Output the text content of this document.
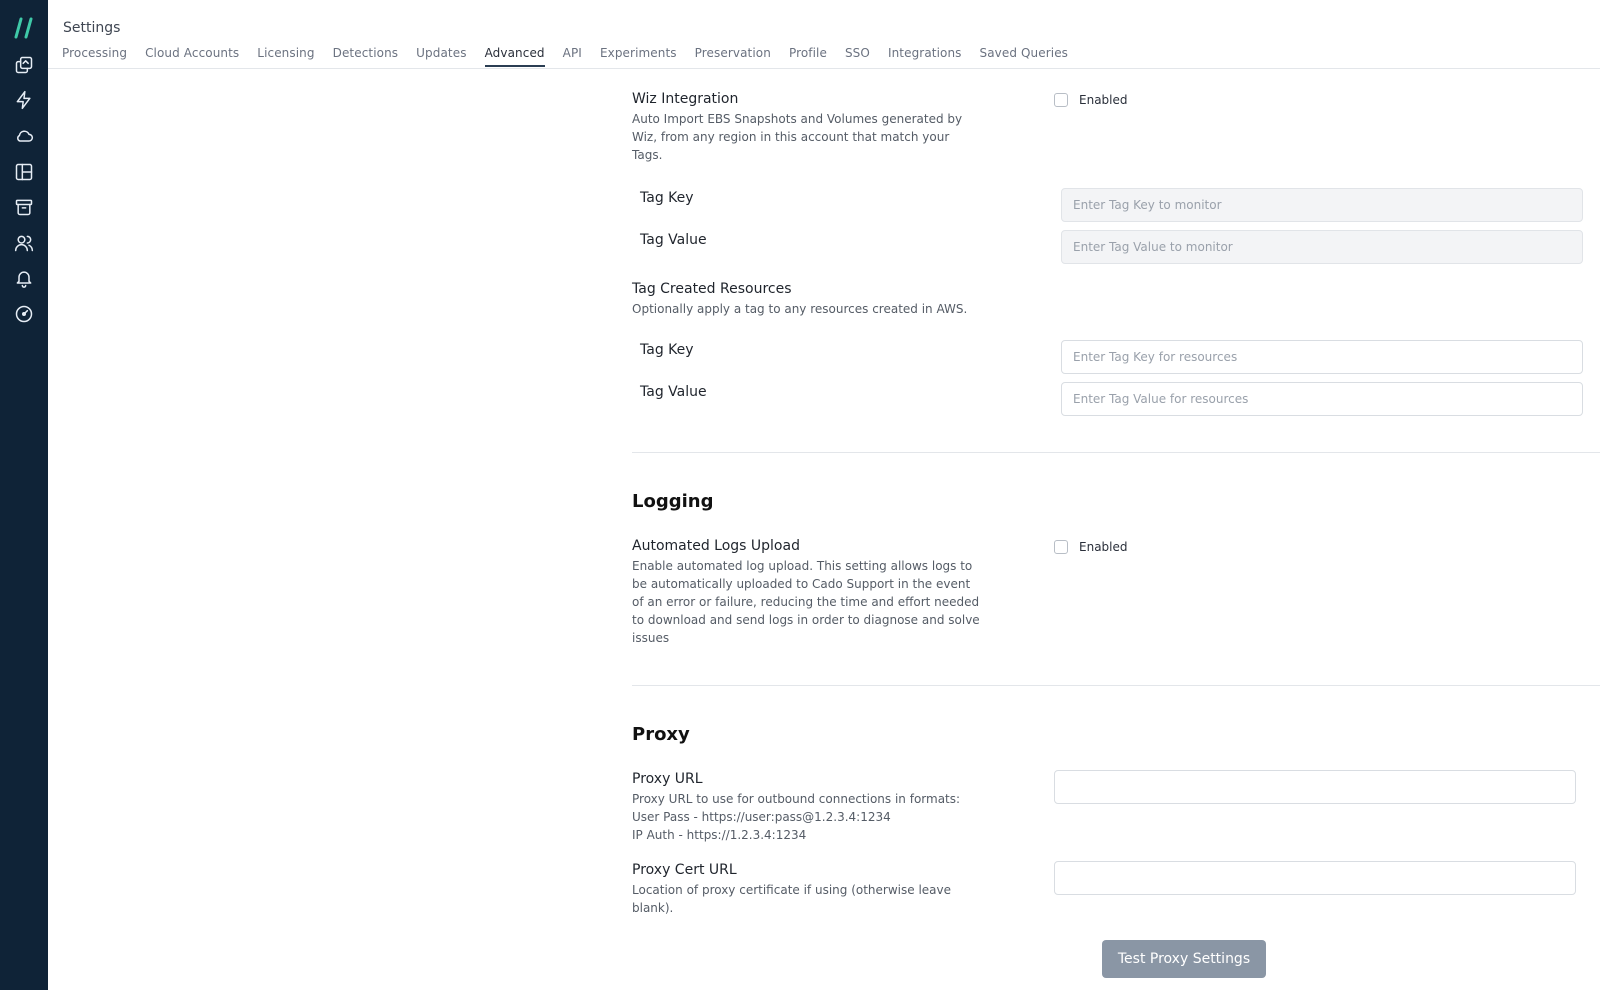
Settings
Processing Cloud Accounts Licensing Detections Updates Advanced API Experiments Preservation Profile SSO Integrations Saved Queries
Wiz Integration
Auto Import EBS Snapshots and Volumes generated by Wiz, from any region in this account that match your Tags.
Enabled
Tag Key
Enter Tag Key to monitor
Tag Value
Enter Tag Value to monitor
Tag Created Resources
Optionally apply a tag to any resources created in AWS.
Tag Key
Enter Tag Key for resources
Tag Value
Enter Tag Value for resources
Logging
Automated Logs Upload
Enable automated log upload. This setting allows logs to be automatically uploaded to Cado Support in the event of an error or failure, reducing the time and effort needed to download and send logs in order to diagnose and solve issues
Enabled
Proxy
Proxy URL
Proxy URL to use for outbound connections in formats:
User Pass - https://user:pass@1.2.3.4:1234
IP Auth - https://1.2.3.4:1234
Proxy Cert URL
Location of proxy certificate if using (otherwise leave blank).
Test Proxy Settings
